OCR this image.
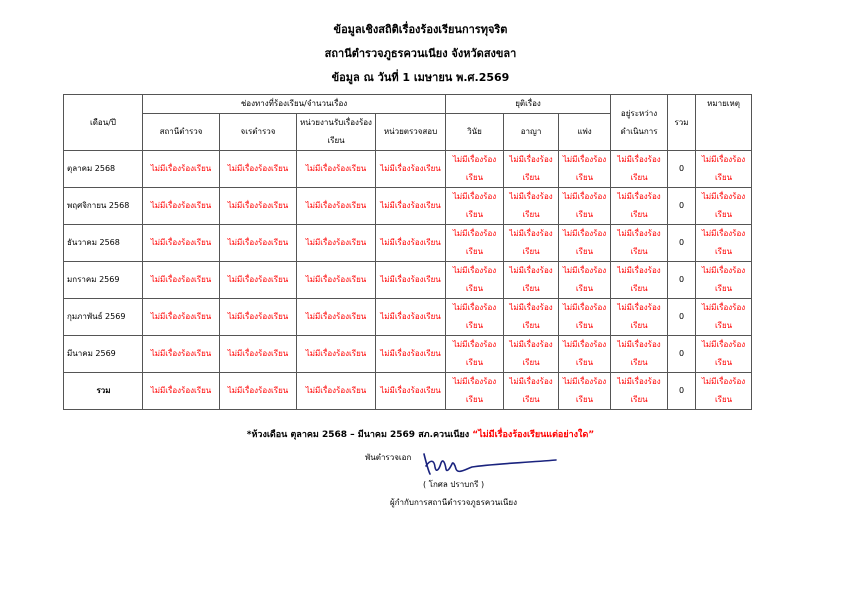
ข้อมูลเชิงสถิติเรื่องร้องเรียนการทุจริต
สถานีตำรวจภูธรควนเนียง จังหวัดสงขลา
ข้อมูล ณ วันที่ 1 เมษายน พ.ศ.2569
เดือน/ปี	ช่องทางที่ร้องเรียน/จำนวนเรื่อง				ยุติเรื่อง			อยู่ระหว่างดำเนินการ	รวม	หมายเหตุ
	สถานีตำรวจ	จเรตำรวจ	หน่วยงานรับเรื่องร้องเรียน	หน่วยตรวจสอบ	วินัย	อาญา	แพ่ง			
ตุลาคม 2568	ไม่มีเรื่องร้องเรียน	ไม่มีเรื่องร้องเรียน	ไม่มีเรื่องร้องเรียน	ไม่มีเรื่องร้องเรียน	ไม่มีเรื่องร้องเรียน	ไม่มีเรื่องร้องเรียน	ไม่มีเรื่องร้องเรียน	ไม่มีเรื่องร้องเรียน	0	ไม่มีเรื่องร้องเรียน
พฤศจิกายน 2568	ไม่มีเรื่องร้องเรียน	ไม่มีเรื่องร้องเรียน	ไม่มีเรื่องร้องเรียน	ไม่มีเรื่องร้องเรียน	ไม่มีเรื่องร้องเรียน	ไม่มีเรื่องร้องเรียน	ไม่มีเรื่องร้องเรียน	ไม่มีเรื่องร้องเรียน	0	ไม่มีเรื่องร้องเรียน
ธันวาคม 2568	ไม่มีเรื่องร้องเรียน	ไม่มีเรื่องร้องเรียน	ไม่มีเรื่องร้องเรียน	ไม่มีเรื่องร้องเรียน	ไม่มีเรื่องร้องเรียน	ไม่มีเรื่องร้องเรียน	ไม่มีเรื่องร้องเรียน	ไม่มีเรื่องร้องเรียน	0	ไม่มีเรื่องร้องเรียน
มกราคม 2569	ไม่มีเรื่องร้องเรียน	ไม่มีเรื่องร้องเรียน	ไม่มีเรื่องร้องเรียน	ไม่มีเรื่องร้องเรียน	ไม่มีเรื่องร้องเรียน	ไม่มีเรื่องร้องเรียน	ไม่มีเรื่องร้องเรียน	ไม่มีเรื่องร้องเรียน	0	ไม่มีเรื่องร้องเรียน
กุมภาพันธ์ 2569	ไม่มีเรื่องร้องเรียน	ไม่มีเรื่องร้องเรียน	ไม่มีเรื่องร้องเรียน	ไม่มีเรื่องร้องเรียน	ไม่มีเรื่องร้องเรียน	ไม่มีเรื่องร้องเรียน	ไม่มีเรื่องร้องเรียน	ไม่มีเรื่องร้องเรียน	0	ไม่มีเรื่องร้องเรียน
มีนาคม 2569	ไม่มีเรื่องร้องเรียน	ไม่มีเรื่องร้องเรียน	ไม่มีเรื่องร้องเรียน	ไม่มีเรื่องร้องเรียน	ไม่มีเรื่องร้องเรียน	ไม่มีเรื่องร้องเรียน	ไม่มีเรื่องร้องเรียน	ไม่มีเรื่องร้องเรียน	0	ไม่มีเรื่องร้องเรียน
รวม	ไม่มีเรื่องร้องเรียน	ไม่มีเรื่องร้องเรียน	ไม่มีเรื่องร้องเรียน	ไม่มีเรื่องร้องเรียน	ไม่มีเรื่องร้องเรียน	ไม่มีเรื่องร้องเรียน	ไม่มีเรื่องร้องเรียน	ไม่มีเรื่องร้องเรียน	0	ไม่มีเรื่องร้องเรียน
*ห้วงเดือน ตุลาคม 2568 – มีนาคม 2569 สภ.ควนเนียง “ไม่มีเรื่องร้องเรียนแต่อย่างใด”
พันตำรวจเอก
( โกศล ปราบกรี )
ผู้กำกับการสถานีตำรวจภูธรควนเนียง
